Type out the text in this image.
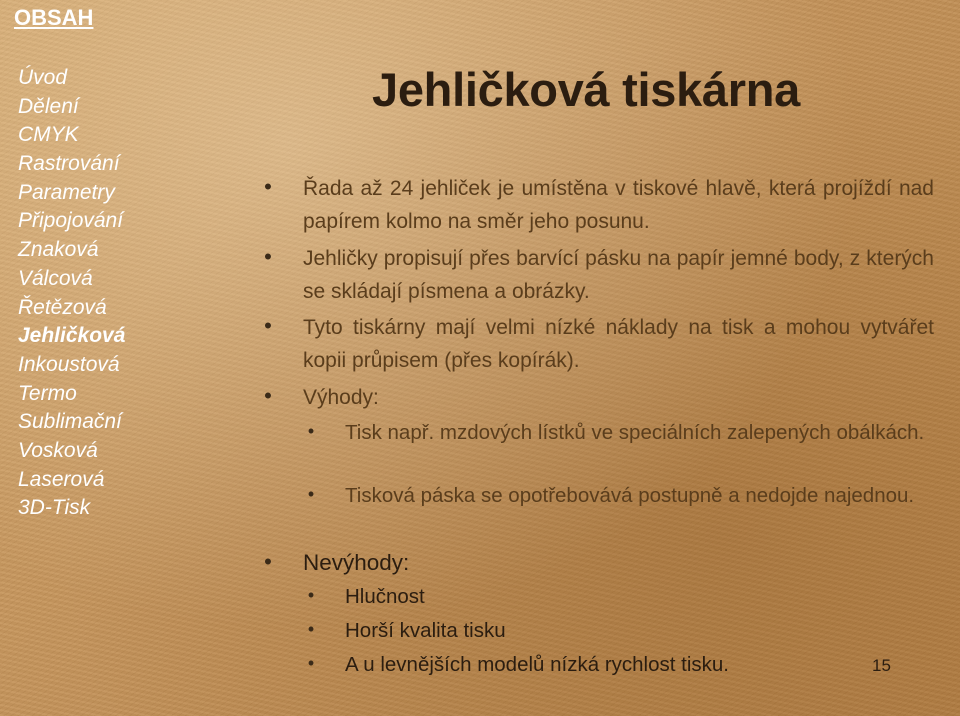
OBSAH
Úvod
Dělení
CMYK
Rastrování
Parametry
Připojování
Znaková
Válcová
Řetězová
Jehličková
Inkoustová
Termo
Sublimační
Vosková
Laserová
3D-Tisk
Jehličková tiskárna
• Řada až 24 jehliček je umístěna v tiskové hlavě, která projíždí nad papírem kolmo na směr jeho posunu.

• Jehličky propisují přes barvící pásku na papír jemné body, z kterých se skládají písmena a obrázky.

• Tyto tiskárny mají velmi nízké náklady na tisk a mohou vytvářet kopii průpisem (přes kopírák).

• Výhody:

• Tisk např. mzdových lístků ve speciálních zalepených obálkách.

• Tisková páska se opotřebovává postupně a nedojde najednou.

• Nevýhody:

• Hlučnost

• Horší kvalita tisku

• A u levnějších modelů nízká rychlost tisku.	15
